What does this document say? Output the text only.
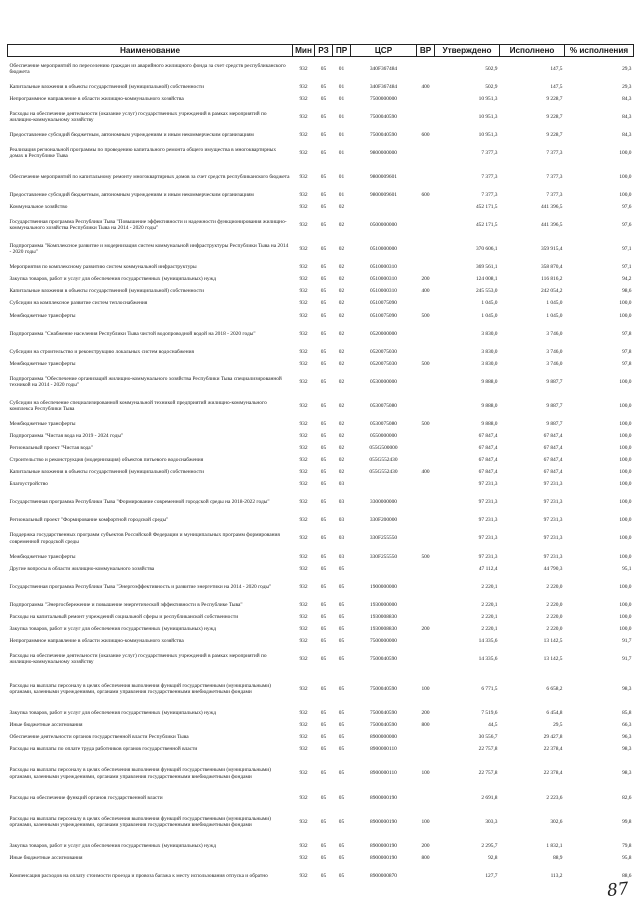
Наименование	Мин	РЗ	ПР	ЦСР	ВР	Утверждено	Исполнено	% исполнения
Обеспечение мероприятий по переселению граждан из аварийного жилищного фонда за счет средств республиканского бюджета	932	05	01	340F367484		502,9	147,5	29,3
Капитальные вложения в объекты государственной (муниципальной) собственности	932	05	01	340F367484	400	502,9	147,5	29,3
Непрограммное направление в области жилищно-коммунального хозяйства	932	05	01	7500000000		10 951,3	9 228,7	84,3
Расходы на обеспечение деятельности (оказание услуг) государственных учреждений в рамках мероприятий по жилищно-коммунальному хозяйству	932	05	01	7500040590		10 951,3	9 228,7	84,3
Предоставление субсидий бюджетным, автономным учреждениям и иным некоммерческим организациям	932	05	01	7500040590	600	10 951,3	9 228,7	84,3
Реализация региональной программы по проведению капитального ремонта общего имущества в многоквартирных домах в Республике Тыва	932	05	01	9800000000		7 377,3	7 377,3	100,0
Обеспечение мероприятий по капитальному ремонту многоквартирных домов за счет средств республиканского бюджета	932	05	01	9800009601		7 377,3	7 377,3	100,0
Предоставление субсидий бюджетным, автономным учреждениям и иным некоммерческим организациям	932	05	01	9800009601	600	7 377,3	7 377,3	100,0
Коммунальное хозяйство	932	05	02			452 171,5	441 396,5	97,6
Государственная программа Республики Тыва "Повышение эффективности и надежности функционирования жилищно-коммунального хозяйства Республики Тыва на 2014 - 2020 годы"	932	05	02	0500000000		452 171,5	441 396,5	97,6
Подпрограмма "Комплексное развитие и модернизация систем коммунальной инфраструктуры Республики Тыва на 2014 - 2020 годы"	932	05	02	0510000000		370 606,1	359 915,4	97,1
Мероприятия по комплексному развитию систем коммунальной инфраструктуры	932	05	02	0510000310		369 561,1	358 870,4	97,1
Закупка товаров, работ и услуг для обеспечения государственных (муниципальных) нужд	932	05	02	0510000310	200	124 008,1	116 816,2	94,2
Капитальные вложения в объекты государственной (муниципальной) собственности	932	05	02	0510000310	400	245 553,0	242 054,2	98,6
Субсидии на комплексное развитие систем теплоснабжения	932	05	02	0510075090		1 045,0	1 045,0	100,0
Межбюджетные трансферты	932	05	02	0510075090	500	1 045,0	1 045,0	100,0
Подпрограмма "Снабжение населения Республики Тыва чистой водопроводной водой на 2018 - 2020 годы"	932	05	02	0520000000		3 830,0	3 746,0	97,8
Субсидии на строительство и реконструкцию локальных систем водоснабжения	932	05	02	0520075030		3 830,0	3 746,0	97,8
Межбюджетные трансферты	932	05	02	0520075030	500	3 830,0	3 746,0	97,8
Подпрограмма "Обеспечение организаций жилищно-коммунального хозяйства Республики Тыва специализированной техникой на 2014 - 2020 годы"	932	05	02	0530000000		9 888,0	9 887,7	100,0
Субсидии на обеспечение специализированной коммунальной техникой предприятий жилищно-коммунального комплекса Республики Тыва	932	05	02	0530075080		9 888,0	9 887,7	100,0
Межбюджетные трансферты	932	05	02	0530075080	500	9 888,0	9 887,7	100,0
Подпрограмма "Чистая вода на 2019 - 2024 годы"	932	05	02	0550000000		67 847,4	67 847,4	100,0
Региональный проект "Чистая вода"	932	05	02	055G500000		67 847,4	67 847,4	100,0
Строительство и реконструкция (модернизация) объектов питьевого водоснабжения	932	05	02	055G552430		67 847,4	67 847,4	100,0
Капитальные вложения в объекты государственной (муниципальной) собственности	932	05	02	055G552430	400	67 847,4	67 847,4	100,0
Благоустройство	932	05	03			97 231,3	97 231,3	100,0
Государственная программа Республики Тыва "Формирование современной городской среды на 2018-2022 годы"	932	05	03	3300000000		97 231,3	97 231,3	100,0
Региональный проект "Формирование комфортной городской среды"	932	05	03	330F200000		97 231,3	97 231,3	100,0
Поддержка государственных программ субъектов Российской Федерации и муниципальных программ формирования современной городской среды	932	05	03	330F255550		97 231,3	97 231,3	100,0
Межбюджетные трансферты	932	05	03	330F255550	500	97 231,3	97 231,3	100,0
Другие вопросы в области жилищно-коммунального хозяйства	932	05	05			47 112,4	44 790,3	95,1
Государственная программа Республики Тыва "Энергоэффективность и развитие энергетики на 2014 - 2020 годы"	932	05	05	1900000000		2 220,1	2 220,0	100,0
Подпрограмма "Энергосбережение и повышение энергетической эффективности в Республике Тыва"	932	05	05	1930000000		2 220,1	2 220,0	100,0
Расходы на капитальный ремонт учреждений социальной сферы и республиканской собственности	932	05	05	1930008830		2 220,1	2 220,0	100,0
Закупка товаров, работ и услуг для обеспечения государственных (муниципальных) нужд	932	05	05	1930008830	200	2 220,1	2 220,0	100,0
Непрограммное направление в области жилищно-коммунального хозяйства	932	05	05	7500000000		14 335,6	13 142,5	91,7
Расходы на обеспечение деятельности (оказание услуг) государственных учреждений в рамках мероприятий по жилищно-коммунальному хозяйству	932	05	05	7500040590		14 335,6	13 142,5	91,7
Расходы на выплаты персоналу в целях обеспечения выполнения функций государственными (муниципальными) органами, казенными учреждениями, органами управления государственными внебюджетными фондами	932	05	05	7500040590	100	6 771,5	6 658,2	98,3
Закупка товаров, работ и услуг для обеспечения государственных (муниципальных) нужд	932	05	05	7500040590	200	7 519,6	6 454,8	85,8
Иные бюджетные ассигнования	932	05	05	7500040590	800	44,5	29,5	66,3
Обеспечение деятельности органов государственной власти Республики Тыва	932	05	05	8900000000		30 556,7	29 427,8	96,3
Расходы на выплаты по оплате труда работников органов государственной власти	932	05	05	8900000110		22 757,8	22 378,4	98,3
Расходы на выплаты персоналу в целях обеспечения выполнения функций государственными (муниципальными) органами, казенными учреждениями, органами управления государственными внебюджетными фондами	932	05	05	8900000110	100	22 757,8	22 378,4	98,3
Расходы на обеспечение функций органов государственной власти	932	05	05	8900000190		2 691,8	2 223,6	82,6
Расходы на выплаты персоналу в целях обеспечения выполнения функций государственными (муниципальными) органами, казенными учреждениями, органами управления государственными внебюджетными фондами	932	05	05	8900000190	100	303,3	302,6	99,8
Закупка товаров, работ и услуг для обеспечения государственных (муниципальных) нужд	932	05	05	8900000190	200	2 295,7	1 832,1	79,8
Иные бюджетные ассигнования	932	05	05	8900000190	800	92,8	88,9	95,8
Компенсация расходов на оплату стоимости проезда и провоза багажа к месту использования отпуска и обратно	932	05	05	8900000870		127,7	113,2	88,6
87
